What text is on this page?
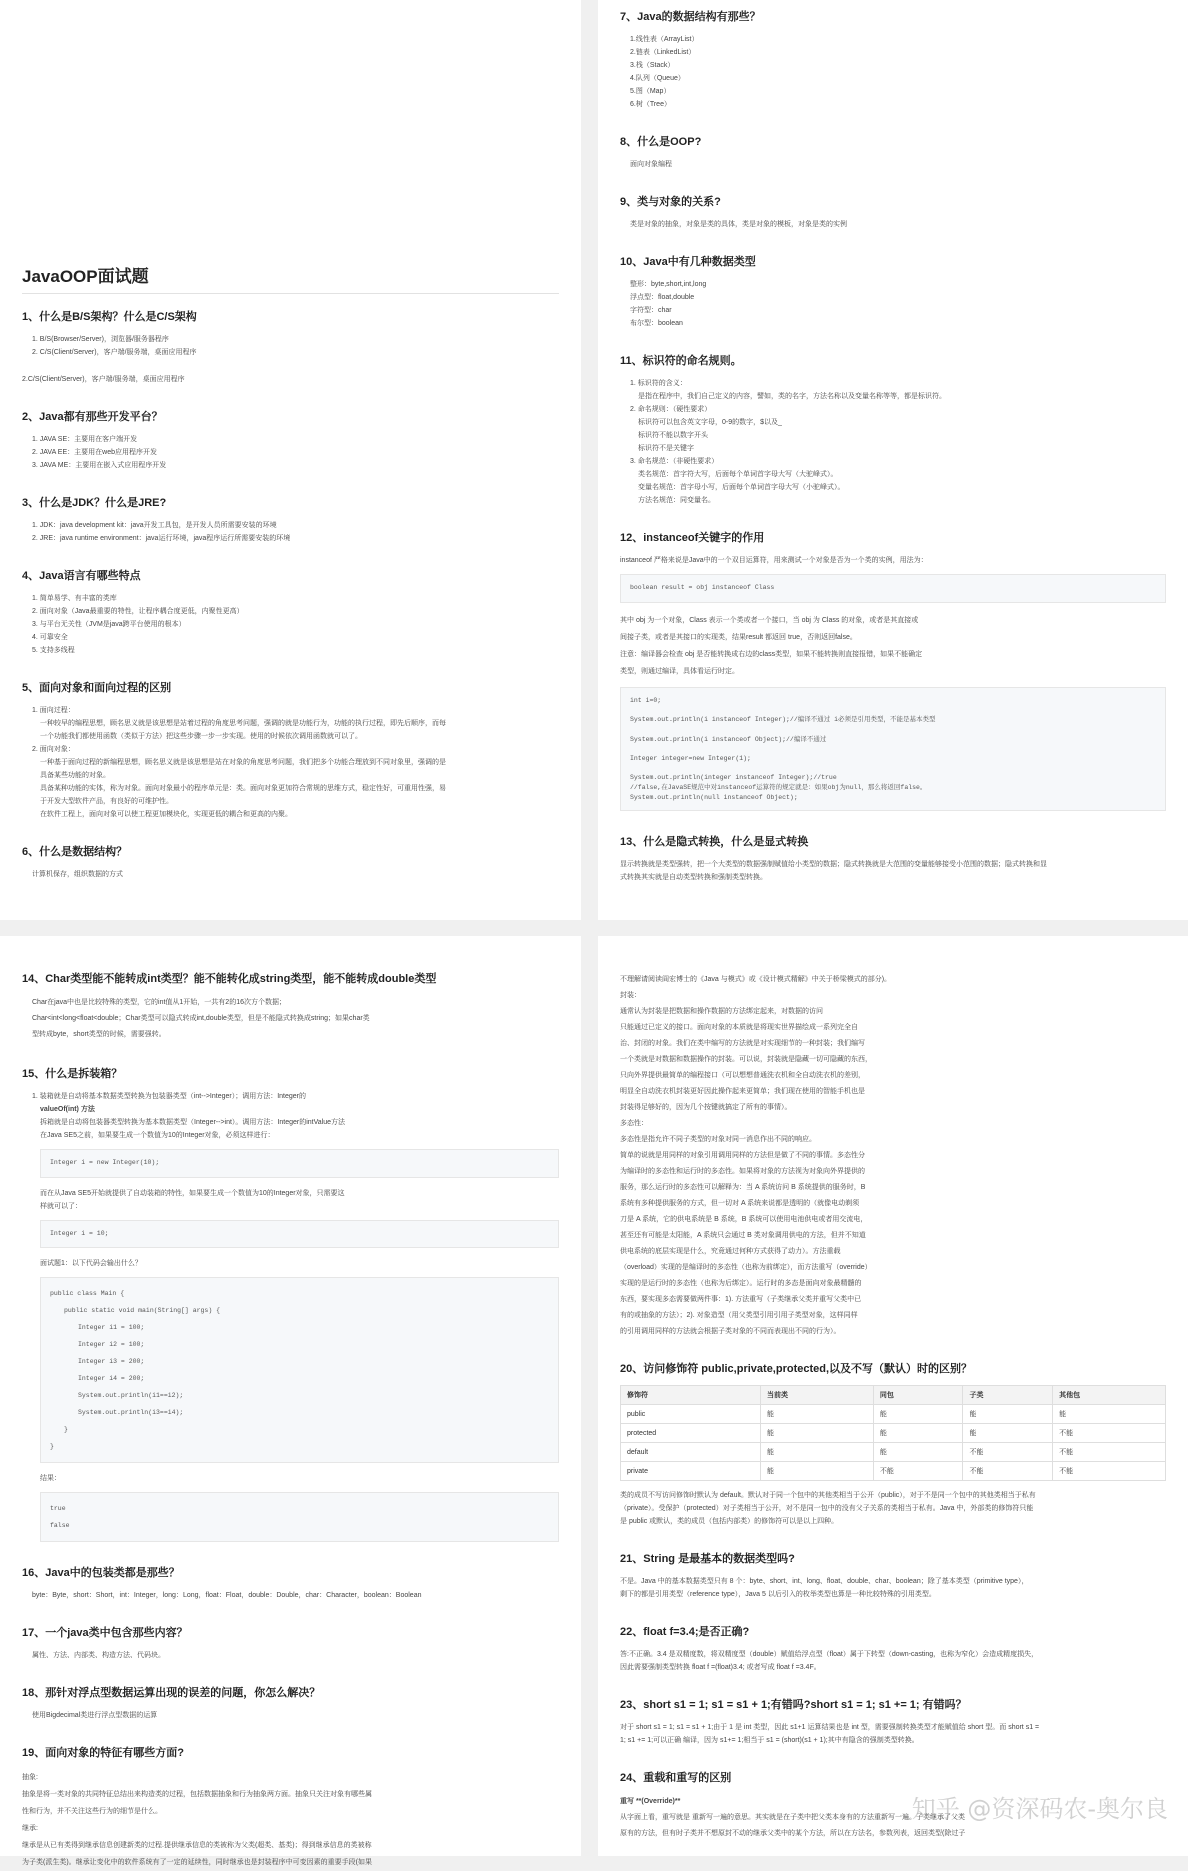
JavaOOP面试题
1、什么是B/S架构？什么是C/S架构
1. B/S(Browser/Server)，浏览器/服务器程序
2. C/S(Client/Server)，客户端/服务端，桌面应用程序
2.C/S(Client/Server)，客户端/服务端，桌面应用程序
2、Java都有那些开发平台？
1. JAVA SE：主要用在客户端开发
2. JAVA EE：主要用在web应用程序开发
3. JAVA ME：主要用在嵌入式应用程序开发
3、什么是JDK？什么是JRE?
1. JDK：java development kit：java开发工具包，是开发人员所需要安装的环境
2. JRE：java runtime environment：java运行环境，java程序运行所需要安装的环境
4、Java语言有哪些特点
1. 简单易学、有丰富的类库
2. 面向对象（Java最重要的特性，让程序耦合度更低，内聚性更高）
3. 与平台无关性（JVM是java跨平台使用的根本）
4. 可靠安全
5. 支持多线程
5、面向对象和面向过程的区别
1. 面向过程：
一种较早的编程思想，顾名思义就是该思想是站着过程的角度思考问题，强调的就是功能行为，功能的执行过程，即先后顺序，而每
一个功能我们都使用函数（类似于方法）把这些步骤一步一步实现。使用的时候依次调用函数就可以了。
2. 面向对象：
一种基于面向过程的新编程思想，顾名思义就是该思想是站在对象的角度思考问题，我们把多个功能合理放到不同对象里，强调的是
具备某些功能的对象。
具备某种功能的实体，称为对象。面向对象最小的程序单元是：类。面向对象更加符合常规的思维方式，稳定性好，可重用性强，易
于开发大型软件产品，有良好的可维护性。
在软件工程上，面向对象可以使工程更加模块化，实现更低的耦合和更高的内聚。
6、什么是数据结构？
计算机保存，组织数据的方式
7、Java的数据结构有那些？
1.线性表（ArrayList）
2.链表（LinkedList）
3.栈（Stack）
4.队列（Queue）
5.图（Map）
6.树（Tree）
8、什么是OOP?
面向对象编程
9、类与对象的关系?
类是对象的抽象，对象是类的具体，类是对象的模板，对象是类的实例
10、Java中有几种数据类型
整形：byte,short,int,long
浮点型：float,double
字符型：char
布尔型：boolean
11、标识符的命名规则。
1. 标识符的含义：
是指在程序中，我们自己定义的内容，譬如，类的名字，方法名称以及变量名称等等，都是标识符。
2. 命名规则：（硬性要求）
标识符可以包含英文字母，0-9的数字，$以及_
标识符不能以数字开头
标识符不是关键字
3. 命名规范：（非硬性要求）
类名规范：首字符大写，后面每个单词首字母大写（大驼峰式）。
变量名规范：首字母小写，后面每个单词首字母大写（小驼峰式）。
方法名规范：同变量名。
12、instanceof关键字的作用
instanceof 严格来说是Java中的一个双目运算符，用来测试一个对象是否为一个类的实例，用法为：
boolean result = obj instanceof Class
其中 obj 为一个对象，Class 表示一个类或者一个接口，当 obj 为 Class 的对象，或者是其直接或
间接子类，或者是其接口的实现类，结果result 都返回 true，否则返回false。
注意：编译器会检查 obj 是否能转换成右边的class类型，如果不能转换则直接报错，如果不能确定
类型，则通过编译，具体看运行时定。
int i=0;
System.out.println(i instanceof Integer);//编译不通过 i必须是引用类型，不能是基本类型
System.out.println(i instanceof Object);//编译不通过
Integer integer=new Integer(1);
System.out.println(integer instanceof Integer);//true
//false,在JavaSE规范中对instanceof运算符的规定就是：如果obj为null，那么将返回false。
System.out.println(null instanceof Object);
13、什么是隐式转换，什么是显式转换
显示转换就是类型强转，把一个大类型的数据强制赋值给小类型的数据；隐式转换就是大范围的变量能够接受小范围的数据；隐式转换和显
式转换其实就是自动类型转换和强制类型转换。
14、Char类型能不能转成int类型？能不能转化成string类型，能不能转成double类型
Char在java中也是比较特殊的类型，它的int值从1开始，一共有2的16次方个数据；
Char<int<long<float<double；Char类型可以隐式转成int,double类型，但是不能隐式转换成string；如果char类
型转成byte，short类型的时候，需要强转。
15、什么是拆装箱？
1. 装箱就是自动将基本数据类型转换为包装器类型（int-->Integer）；调用方法：Integer的
valueOf(int) 方法
拆箱就是自动将包装器类型转换为基本数据类型（Integer-->int）。调用方法：Integer的intValue方法
在Java SE5之前，如果要生成一个数值为10的Integer对象，必须这样进行：
Integer i = new Integer(10);
而在从Java SE5开始就提供了自动装箱的特性，如果要生成一个数值为10的Integer对象，只需要这
样就可以了：
Integer i = 10;
面试题1：以下代码会输出什么？
public class Main {
public static void main(String[] args) {
Integer i1 = 100;
Integer i2 = 100;
Integer i3 = 200;
Integer i4 = 200;
System.out.println(i1==i2);
System.out.println(i3==i4);
}
}
结果：
true
false
16、Java中的包装类都是那些？
byte：Byte，short：Short，int：Integer，long：Long，float：Float，double：Double，char：Character，boolean：Boolean
17、一个java类中包含那些内容？
属性、方法、内部类、构造方法、代码块。
18、那针对浮点型数据运算出现的误差的问题，你怎么解决？
使用Bigdecimal类进行浮点型数据的运算
19、面向对象的特征有哪些方面?
抽象:
抽象是将一类对象的共同特征总结出来构造类的过程，包括数据抽象和行为抽象两方面。抽象只关注对象有哪些属
性和行为，并不关注这些行为的细节是什么。
继承:
继承是从已有类得到继承信息创建新类的过程.提供继承信息的类被称为父类(超类、基类)；得到继承信息的类被称
为子类(派生类)。继承让变化中的软件系统有了一定的延续性，同时继承也是封装程序中可变因素的重要手段(如果
不理解请阅读阎宏博士的《Java 与模式》或《设计模式精解》中关于桥梁模式的部分)。
封装：
通常认为封装是把数据和操作数据的方法绑定起来，对数据的访问
只能通过已定义的接口。面向对象的本质就是将现实世界描绘成一系列完全自
治、封闭的对象。我们在类中编写的方法就是对实现细节的一种封装；我们编写
一个类就是对数据和数据操作的封装。可以说，封装就是隐藏一切可隐藏的东西，
只向外界提供最简单的编程接口（可以想想普通洗衣机和全自动洗衣机的差别，
明显全自动洗衣机封装更好因此操作起来更简单；我们现在使用的智能手机也是
封装得足够好的，因为几个按键就搞定了所有的事情）。
多态性：
多态性是指允许不同子类型的对象对同一消息作出不同的响应。
简单的说就是用同样的对象引用调用同样的方法但是做了不同的事情。多态性分
为编译时的多态性和运行时的多态性。如果将对象的方法视为对象向外界提供的
服务，那么运行时的多态性可以解释为：当 A 系统访问 B 系统提供的服务时，B
系统有多种提供服务的方式，但一切对 A 系统来说都是透明的（就像电动剃须
刀是 A 系统，它的供电系统是 B 系统，B 系统可以使用电池供电或者用交流电，
甚至还有可能是太阳能，A 系统只会通过 B 类对象调用供电的方法，但并不知道
供电系统的底层实现是什么，究竟通过何种方式获得了动力）。方法重载
（overload）实现的是编译时的多态性（也称为前绑定），而方法重写（override）
实现的是运行时的多态性（也称为后绑定）。运行时的多态是面向对象最精髓的
东西，要实现多态需要做两件事：1). 方法重写（子类继承父类并重写父类中已
有的或抽象的方法）；2). 对象造型（用父类型引用引用子类型对象，这样同样
的引用调用同样的方法就会根据子类对象的不同而表现出不同的行为）。
20、访问修饰符 public,private,protected,以及不写（默认）时的区别？
修饰符	当前类	同包	子类	其他包
public	能	能	能	能
protected	能	能	能	不能
default	能	能	不能	不能
private	能	不能	不能	不能
类的成员不写访问修饰时默认为 default。默认对于同一个包中的其他类相当于公开（public），对于不是同一个包中的其他类相当于私有
（private）。受保护（protected）对子类相当于公开，对不是同一包中的没有父子关系的类相当于私有。Java 中，外部类的修饰符只能
是 public 或默认，类的成员（包括内部类）的修饰符可以是以上四种。
21、String 是最基本的数据类型吗?
不是。Java 中的基本数据类型只有 8 个：byte、short、int、long、float、double、char、boolean；除了基本类型（primitive type），
剩下的都是引用类型（reference type），Java 5 以后引入的枚举类型也算是一种比较特殊的引用类型。
22、float f=3.4;是否正确?
答:不正确。3.4 是双精度数，将双精度型（double）赋值给浮点型（float）属于下转型（down-casting，也称为窄化）会造成精度损失，
因此需要强制类型转换 float f =(float)3.4; 或者写成 float f =3.4F。
23、short s1 = 1; s1 = s1 + 1;有错吗?short s1 = 1; s1 += 1; 有错吗？
对于 short s1 = 1; s1 = s1 + 1;由于 1 是 int 类型，因此 s1+1 运算结果也是 int 型，需要强制转换类型才能赋值给 short 型。而 short s1 =
1; s1 += 1;可以正确 编译，因为 s1+= 1;相当于 s1 = (short)(s1 + 1);其中有隐含的强制类型转换。
24、重载和重写的区别
重写 **(Override)**
从字面上看，重写就是 重新写一遍的意思。其实就是在子类中把父类本身有的方法重新写一遍。子类继承了父类
原有的方法，但有时子类并不想原封不动的继承父类中的某个方法，所以在方法名，参数列表，返回类型(除过子
知乎 @资深码农-奥尔良
